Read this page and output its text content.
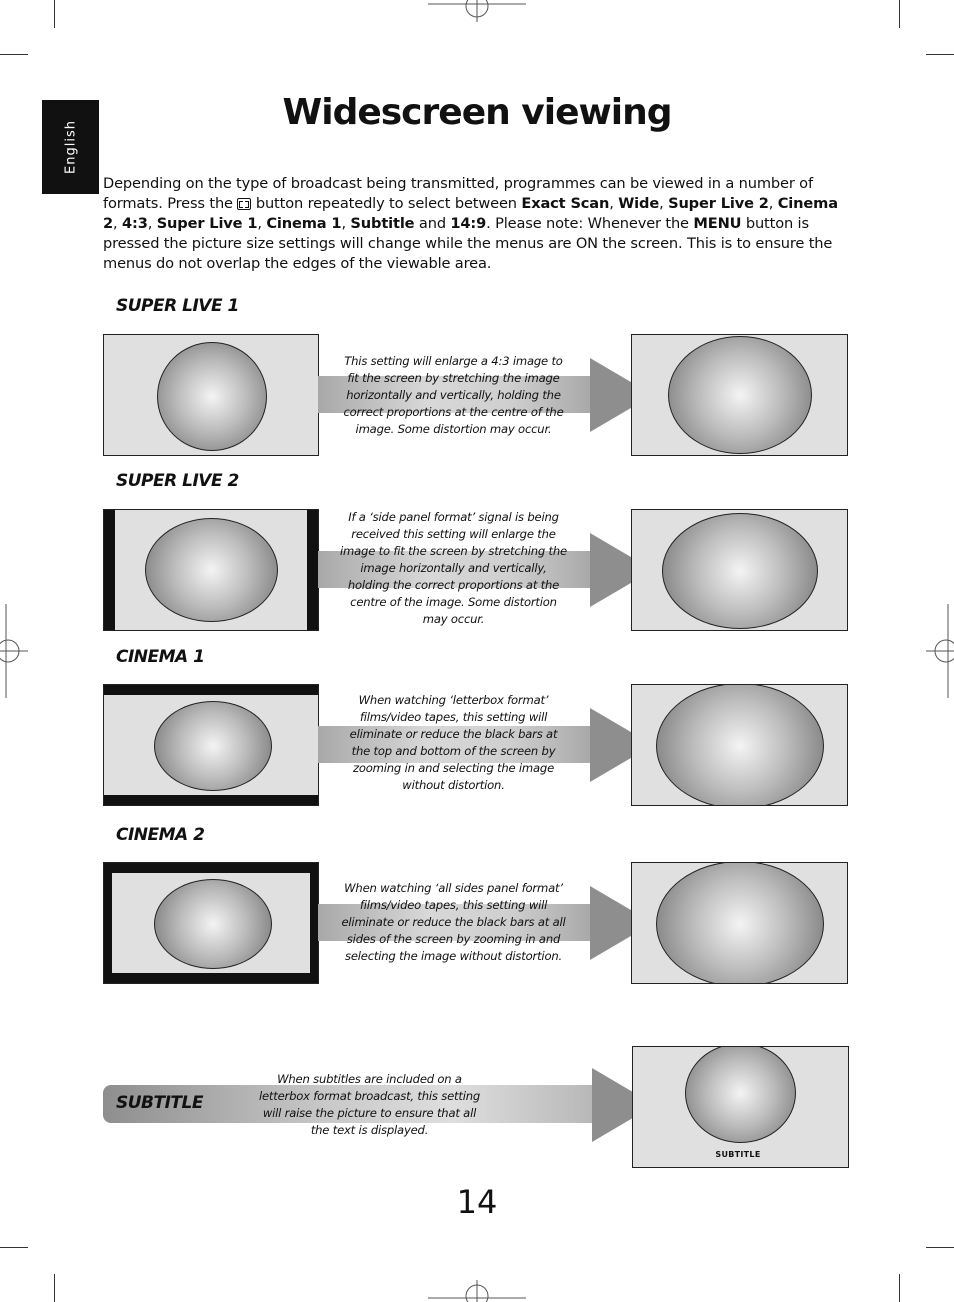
English
Widescreen viewing

Depending on the type of broadcast being transmitted, programmes can be viewed in a number of formats. Press the  button repeatedly to select between Exact Scan, Wide, Super Live 2, Cinema 2, 4:3, Super Live 1, Cinema 1, Subtitle and 14:9. Please note: Whenever the MENU button is pressed the picture size settings will change while the menus are ON the screen. This is to ensure the menus do not overlap the edges of the viewable area.

SUPER LIVE 1

This setting will enlarge a 4:3 image to fit the screen by stretching the image horizontally and vertically, holding the correct proportions at the centre of the image. Some distortion may occur.

SUPER LIVE 2

If a ‘side panel format’ signal is being received this setting will enlarge the image to fit the screen by stretching the image horizontally and vertically, holding the correct proportions at the centre of the image. Some distortion may occur.

CINEMA 1

When watching ‘letterbox format’ films/video tapes, this setting will eliminate or reduce the black bars at the top and bottom of the screen by zooming in and selecting the image without distortion.

CINEMA 2

When watching ‘all sides panel format’ films/video tapes, this setting will eliminate or reduce the black bars at all sides of the screen by zooming in and selecting the image without distortion.

SUBTITLE

When subtitles are included on a letterbox format broadcast, this setting will raise the picture to ensure that all the text is displayed.

SUBTITLE

14
